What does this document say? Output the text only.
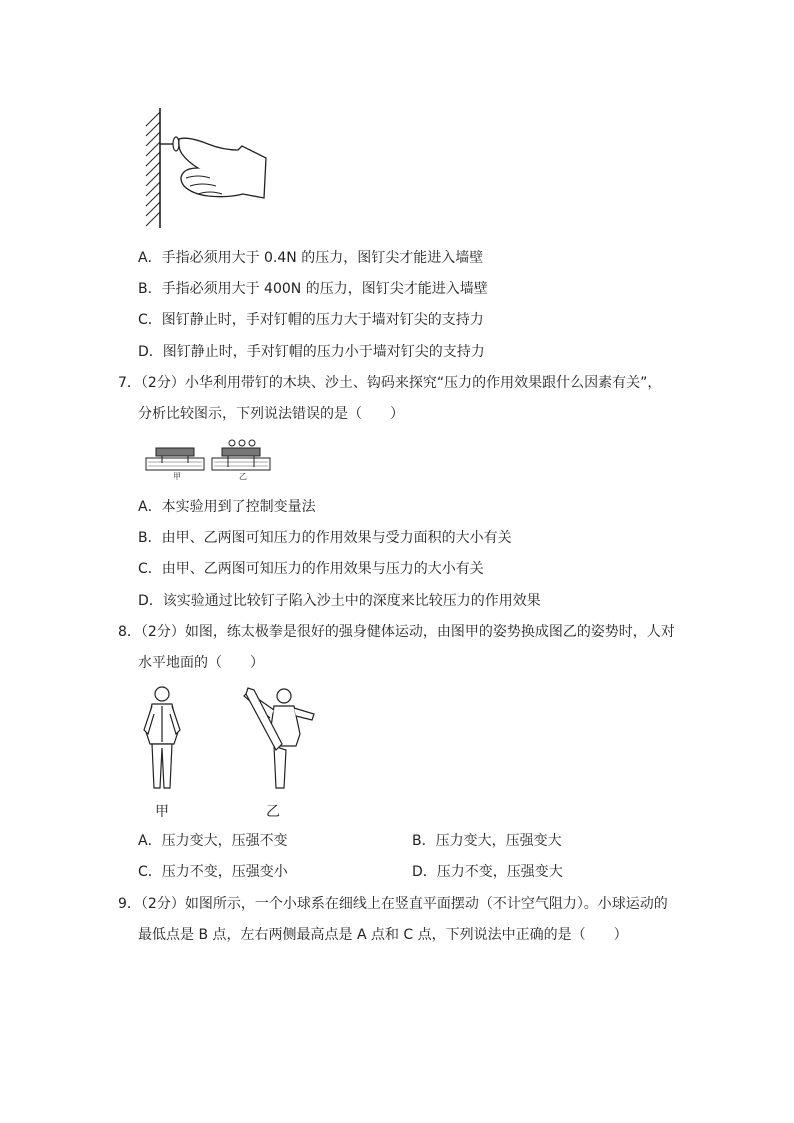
A．手指必须用大于 0.4N 的压力，图钉尖才能进入墙壁
B．手指必须用大于 400N 的压力，图钉尖才能进入墙壁
C．图钉静止时，手对钉帽的压力大于墙对钉尖的支持力
D．图钉静止时，手对钉帽的压力小于墙对钉尖的支持力
7．（2分）小华利用带钉的木块、沙土、钩码来探究“压力的作用效果跟什么因素有关”，
分析比较图示，下列说法错误的是（　　）
甲	乙
A．本实验用到了控制变量法
B．由甲、乙两图可知压力的作用效果与受力面积的大小有关
C．由甲、乙两图可知压力的作用效果与压力的大小有关
D．该实验通过比较钉子陷入沙土中的深度来比较压力的作用效果
8．（2分）如图，练太极拳是很好的强身健体运动，由图甲的姿势换成图乙的姿势时，人对
水平地面的（　　）
甲	乙
A．压力变大，压强不变	B．压力变大，压强变大
C．压力不变，压强变小	D．压力不变，压强变大
9．（2分）如图所示，一个小球系在细线上在竖直平面摆动（不计空气阻力）。小球运动的
最低点是 B 点，左右两侧最高点是 A 点和 C 点，下列说法中正确的是（　　）
